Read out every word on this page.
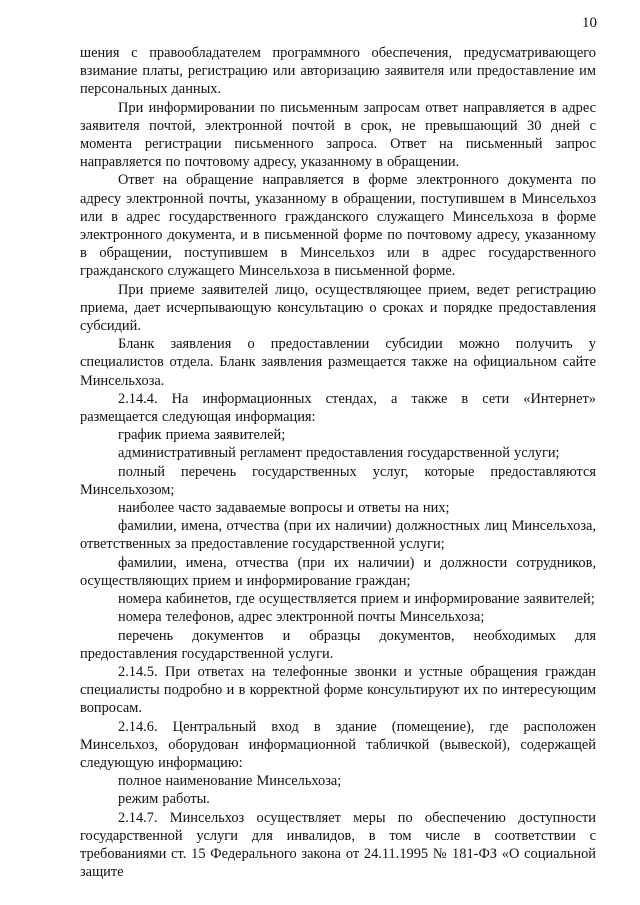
10

шения с правообладателем программного обеспечения, предусматривающего взимание платы, регистрацию или авторизацию заявителя или предоставление им персональных данных.

При информировании по письменным запросам ответ направляется в адрес заявителя почтой, электронной почтой в срок, не превышающий 30 дней с момента регистрации письменного запроса. Ответ на письменный запрос направляется по почтовому адресу, указанному в обращении.

Ответ на обращение направляется в форме электронного документа по адресу электронной почты, указанному в обращении, поступившем в Минсельхоз или в адрес государственного гражданского служащего Минсельхоза в форме электронного документа, и в письменной форме по почтовому адресу, указанному в обращении, поступившем в Минсельхоз или в адрес государственного гражданского служащего Минсельхоза в письменной форме.

При приеме заявителей лицо, осуществляющее прием, ведет регистрацию приема, дает исчерпывающую консультацию о сроках и порядке предоставления субсидий.

Бланк заявления о предоставлении субсидии можно получить у специалистов отдела. Бланк заявления размещается также на официальном сайте Минсельхоза.

2.14.4. На информационных стендах, а также в сети «Интернет» размещается следующая информация:

график приема заявителей;

административный регламент предоставления государственной услуги;

полный перечень государственных услуг, которые предоставляются Минсельхозом;

наиболее часто задаваемые вопросы и ответы на них;

фамилии, имена, отчества (при их наличии) должностных лиц Минсельхоза, ответственных за предоставление государственной услуги;

фамилии, имена, отчества (при их наличии) и должности сотрудников, осуществляющих прием и информирование граждан;

номера кабинетов, где осуществляется прием и информирование заявителей;

номера телефонов, адрес электронной почты Минсельхоза;

перечень документов и образцы документов, необходимых для предоставления государственной услуги.

2.14.5. При ответах на телефонные звонки и устные обращения граждан специалисты подробно и в корректной форме консультируют их по интересующим вопросам.

2.14.6. Центральный вход в здание (помещение), где расположен Минсельхоз, оборудован информационной табличкой (вывеской), содержащей следующую информацию:

полное наименование Минсельхоза;

режим работы.

2.14.7. Минсельхоз осуществляет меры по обеспечению доступности государственной услуги для инвалидов, в том числе в соответствии с требованиями ст. 15 Федерального закона от 24.11.1995 № 181-ФЗ «О социальной защите
